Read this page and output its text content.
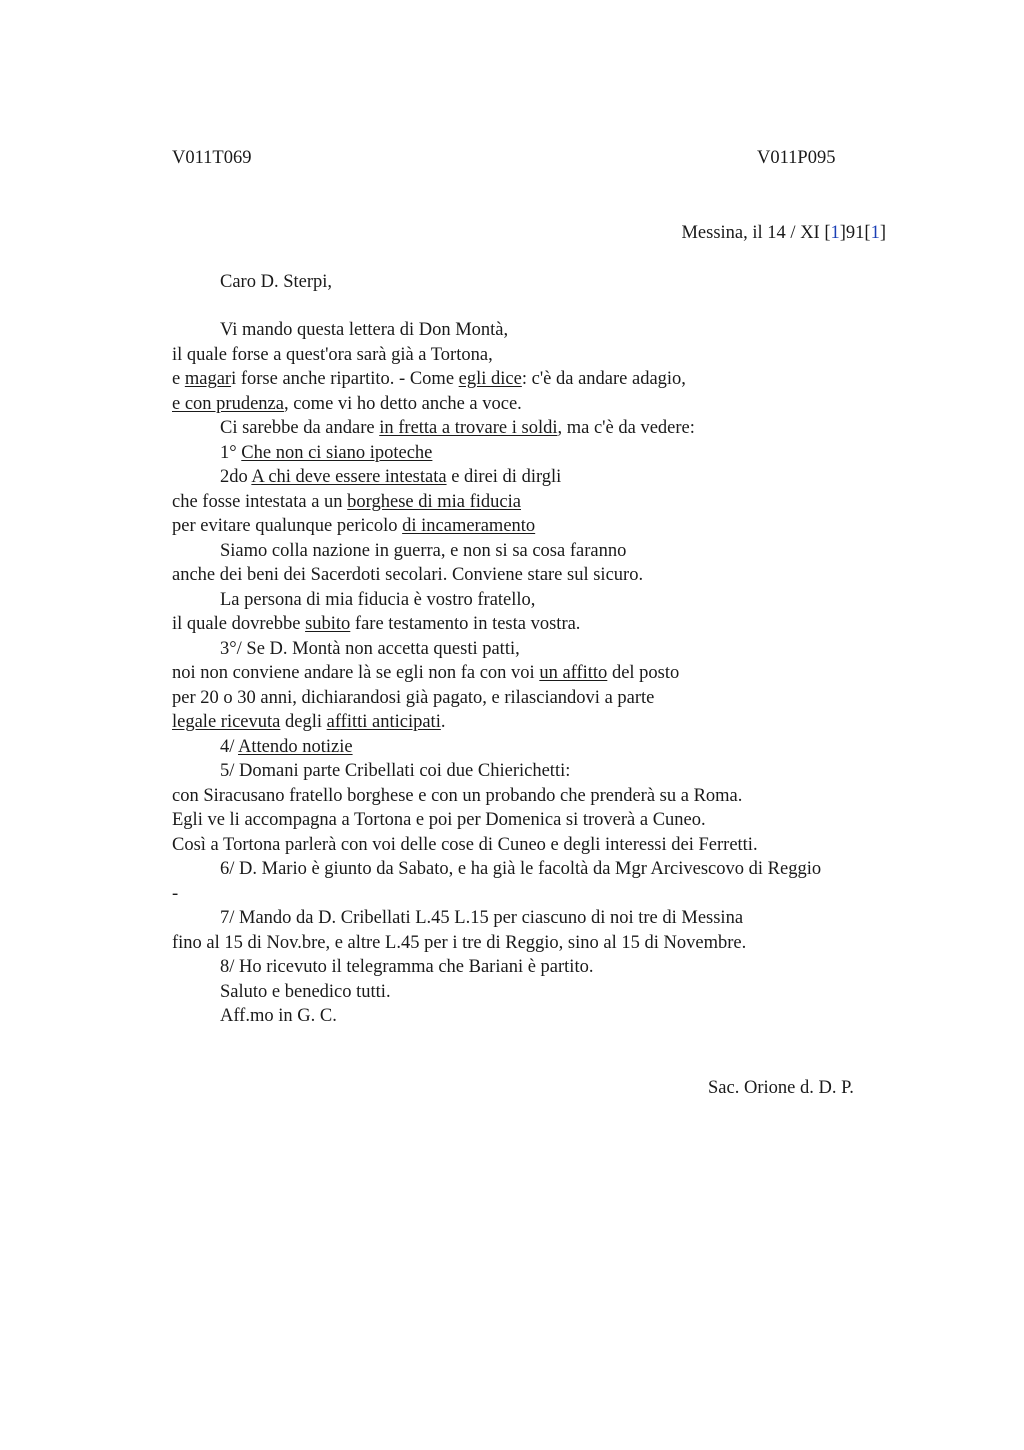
V011T069	V011P095
Messina, il 14 / XI [1]91[1]
Caro D. Sterpi,
Vi mando questa lettera di Don Montà,
il quale forse a quest'ora sarà già a Tortona,
e magari forse anche ripartito. - Come egli dice: c'è da andare adagio,
e con prudenza, come vi ho detto anche a voce.
Ci sarebbe da andare in fretta a trovare i soldi, ma c'è da vedere:
1° Che non ci siano ipoteche
2do A chi deve essere intestata e direi di dirgli
che fosse intestata a un borghese di mia fiducia
per evitare qualunque pericolo di incameramento
Siamo colla nazione in guerra, e non si sa cosa faranno
anche dei beni dei Sacerdoti secolari. Conviene stare sul sicuro.
La persona di mia fiducia è vostro fratello,
il quale dovrebbe subito fare testamento in testa vostra.
3°/ Se D. Montà non accetta questi patti,
noi non conviene andare là se egli non fa con voi un affitto del posto
per 20 o 30 anni, dichiarandosi già pagato, e rilasciandovi a parte
legale ricevuta degli affitti anticipati.
4/ Attendo notizie
5/ Domani parte Cribellati coi due Chierichetti:
con Siracusano fratello borghese e con un probando che prenderà su a Roma.
Egli ve li accompagna a Tortona e poi per Domenica si troverà a Cuneo.
Così a Tortona parlerà con voi delle cose di Cuneo e degli interessi dei Ferretti.
6/ D. Mario è giunto da Sabato, e ha già le facoltà da Mgr Arcivescovo di Reggio
-
7/ Mando da D. Cribellati L.45 L.15 per ciascuno di noi tre di Messina
fino al 15 di Nov.bre, e altre L.45 per i tre di Reggio, sino al 15 di Novembre.
8/ Ho ricevuto il telegramma che Bariani è partito.
Saluto e benedico tutti.
Aff.mo in G. C.
Sac. Orione d. D. P.
